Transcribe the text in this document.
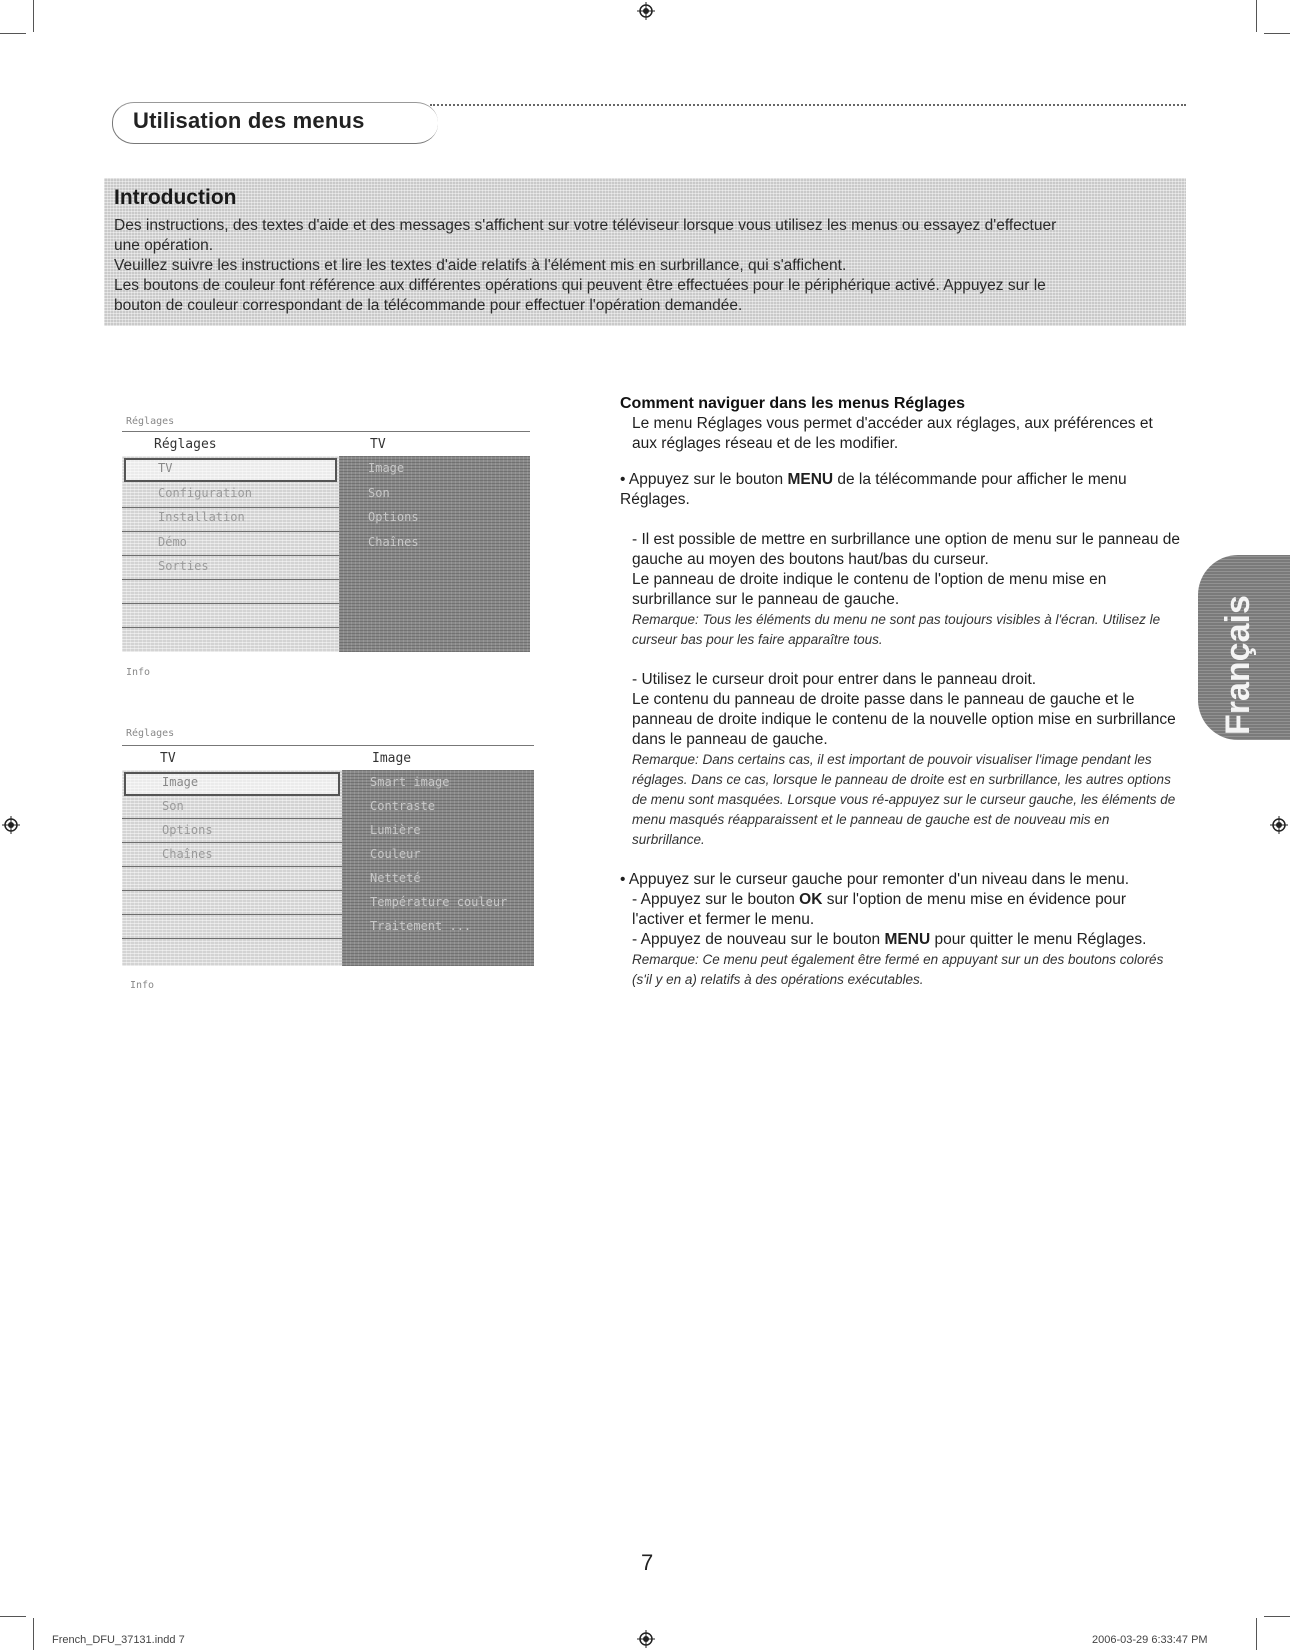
Utilisation des menus
Introduction
Des instructions, des textes d'aide et des messages s'affichent sur votre téléviseur lorsque vous utilisez les menus ou essayez d'effectuer
une opération.
Veuillez suivre les instructions et lire les textes d'aide relatifs à l'élément mis en surbrillance, qui s'affichent.
Les boutons de couleur font référence aux différentes opérations qui peuvent être effectuées pour le périphérique activé. Appuyez sur le
bouton de couleur correspondant de la télécommande pour effectuer l'opération demandée.
Réglages
Réglages	TV
TV
Configuration
Installation
Démo
Sorties
Image
Son
Options
Chaînes
Info
Réglages
TV	Image
Image
Son
Options
Chaînes
Smart image
Contraste
Lumière
Couleur
Netteté
Température couleur
Traitement ...
Info

Comment naviguer dans les menus Réglages

Le menu Réglages vous permet d'accéder aux réglages, aux préférences et aux réglages réseau et de les modifier.

• Appuyez sur le bouton MENU de la télécommande pour afficher le menu Réglages.

- Il est possible de mettre en surbrillance une option de menu sur le panneau de gauche au moyen des boutons haut/bas du curseur.

Le panneau de droite indique le contenu de l'option de menu mise en surbrillance sur le panneau de gauche.

Remarque: Tous les éléments du menu ne sont pas toujours visibles à l'écran. Utilisez le curseur bas pour les faire apparaître tous.

- Utilisez le curseur droit pour entrer dans le panneau droit.

Le contenu du panneau de droite passe dans le panneau de gauche et le panneau de droite indique le contenu de la nouvelle option mise en surbrillance dans le panneau de gauche.

Remarque: Dans certains cas, il est important de pouvoir visualiser l'image pendant les réglages. Dans ce cas, lorsque le panneau de droite est en surbrillance, les autres options de menu sont masquées. Lorsque vous ré-appuyez sur le curseur gauche, les éléments de menu masqués réapparaissent et le panneau de gauche est de nouveau mis en surbrillance.

• Appuyez sur le curseur gauche pour remonter d'un niveau dans le menu.

- Appuyez sur le bouton OK sur l'option de menu mise en évidence pour l'activer et fermer le menu.

- Appuyez de nouveau sur le bouton MENU pour quitter le menu Réglages.

Remarque: Ce menu peut également être fermé en appuyant sur un des boutons colorés (s'il y en a) relatifs à des opérations exécutables.

Français
7
French_DFU_37131.indd 7	2006-03-29 6:33:47 PM
